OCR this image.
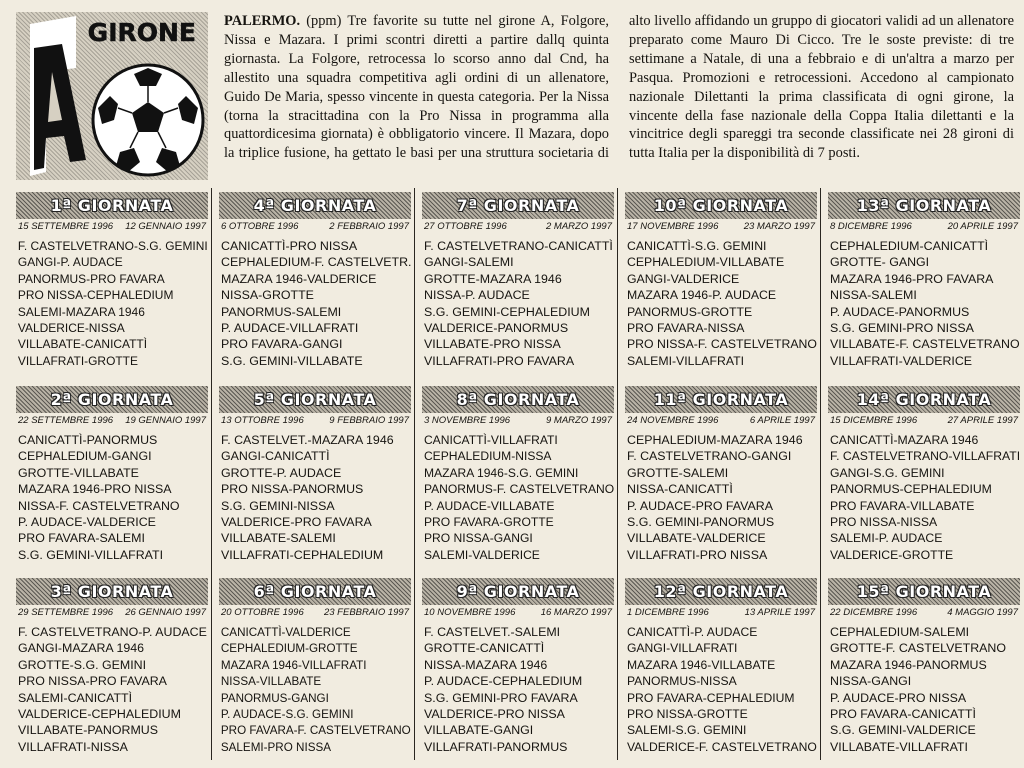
GIRONE PALERMO. (ppm) Tre favorite su tutte nel girone A, Folgore, Nissa e Mazara. I primi scontri diretti a partire dallq quinta giornasta. La Folgore, retrocessa lo scorso anno dal Cnd, ha allestito una squadra competitiva agli ordini di un allenatore, Guido De Maria, spesso vincente in questa categoria. Per la Nissa (torna la stracittadina con la Pro Nissa in programma alla quattordicesima giornata) è obbligatorio vincere. Il Mazara, dopo la triplice fusione, ha gettato le basi per una struttura societaria di alto livello affidando un gruppo di giocatori validi ad un allenatore preparato come Mauro Di Cicco. Tre le soste previste: di tre settimane a Natale, di una a febbraio e di un'altra a marzo per Pasqua. Promozioni e retrocessioni. Accedono al campionato nazionale Dilettanti la prima classificata di ogni girone, la vincente della fase nazionale della Coppa Italia dilettanti e la vincitrice degli spareggi tra seconde classificate nei 28 gironi di tutta Italia per la disponibilità di 7 posti.

1ª GIORNATA
15 SETTEMBRE 1996 12 GENNAIO 1997
F. CASTELVETRANO-S.G. GEMINI
GANGI-P. AUDACE
PANORMUS-PRO FAVARA
PRO NISSA-CEPHALEDIUM
SALEMI-MAZARA 1946
VALDERICE-NISSA
VILLABATE-CANICATTÌ
VILLAFRATI-GROTTE
2ª GIORNATA
22 SETTEMBRE 1996 19 GENNAIO 1997
CANICATTÌ-PANORMUS
CEPHALEDIUM-GANGI
GROTTE-VILLABATE
MAZARA 1946-PRO NISSA
NISSA-F. CASTELVETRANO
P. AUDACE-VALDERICE
PRO FAVARA-SALEMI
S.G. GEMINI-VILLAFRATI
3ª GIORNATA
29 SETTEMBRE 1996 26 GENNAIO 1997
F. CASTELVETRANO-P. AUDACE
GANGI-MAZARA 1946
GROTTE-S.G. GEMINI
PRO NISSA-PRO FAVARA
SALEMI-CANICATTÌ
VALDERICE-CEPHALEDIUM
VILLABATE-PANORMUS
VILLAFRATI-NISSA
4ª GIORNATA
6 OTTOBRE 1996	2 FEBBRAIO 1997
CANICATTÌ-PRO NISSA
CEPHALEDIUM-F. CASTELVETR.
MAZARA 1946-VALDERICE
NISSA-GROTTE
PANORMUS-SALEMI
P. AUDACE-VILLAFRATI
PRO FAVARA-GANGI
S.G. GEMINI-VILLABATE
5ª GIORNATA
13 OTTOBRE 1996	9 FEBBRAIO 1997
F. CASTELVET.-MAZARA 1946
GANGI-CANICATTÌ
GROTTE-P. AUDACE
PRO NISSA-PANORMUS
S.G. GEMINI-NISSA
VALDERICE-PRO FAVARA
VILLABATE-SALEMI
VILLAFRATI-CEPHALEDIUM
6ª GIORNATA
20 OTTOBRE 1996 23 FEBBRAIO 1997
CANICATTÌ-VALDERICE
CEPHALEDIUM-GROTTE
MAZARA 1946-VILLAFRATI
NISSA-VILLABATE
PANORMUS-GANGI
P. AUDACE-S.G. GEMINI
PRO FAVARA-F. CASTELVETRANO
SALEMI-PRO NISSA
7ª GIORNATA
27 OTTOBRE 1996	2 MARZO 1997
F. CASTELVETRANO-CANICATTÌ
GANGI-SALEMI
GROTTE-MAZARA 1946
NISSA-P. AUDACE
S.G. GEMINI-CEPHALEDIUM
VALDERICE-PANORMUS
VILLABATE-PRO NISSA
VILLAFRATI-PRO FAVARA
8ª GIORNATA
3 NOVEMBRE 1996	9 MARZO 1997
CANICATTÌ-VILLAFRATI
CEPHALEDIUM-NISSA
MAZARA 1946-S.G. GEMINI
PANORMUS-F. CASTELVETRANO
P. AUDACE-VILLABATE
PRO FAVARA-GROTTE
PRO NISSA-GANGI
SALEMI-VALDERICE
9ª GIORNATA
10 NOVEMBRE 1996	16 MARZO 1997
F. CASTELVET.-SALEMI
GROTTE-CANICATTÌ
NISSA-MAZARA 1946
P. AUDACE-CEPHALEDIUM
S.G. GEMINI-PRO FAVARA
VALDERICE-PRO NISSA
VILLABATE-GANGI
VILLAFRATI-PANORMUS
10ª GIORNATA
17 NOVEMBRE 1996	23 MARZO 1997
CANICATTÌ-S.G. GEMINI
CEPHALEDIUM-VILLABATE
GANGI-VALDERICE
MAZARA 1946-P. AUDACE
PANORMUS-GROTTE
PRO FAVARA-NISSA
PRO NISSA-F. CASTELVETRANO
SALEMI-VILLAFRATI
11ª GIORNATA
24 NOVEMBRE 1996	6 APRILE 1997
CEPHALEDIUM-MAZARA 1946
F. CASTELVETRANO-GANGI
GROTTE-SALEMI
NISSA-CANICATTÌ
P. AUDACE-PRO FAVARA
S.G. GEMINI-PANORMUS
VILLABATE-VALDERICE
VILLAFRATI-PRO NISSA
12ª GIORNATA
1 DICEMBRE 1996	13 APRILE 1997
CANICATTÌ-P. AUDACE
GANGI-VILLAFRATI
MAZARA 1946-VILLABATE
PANORMUS-NISSA
PRO FAVARA-CEPHALEDIUM
PRO NISSA-GROTTE
SALEMI-S.G. GEMINI
VALDERICE-F. CASTELVETRANO
13ª GIORNATA
8 DICEMBRE 1996	20 APRILE 1997
CEPHALEDIUM-CANICATTÌ
GROTTE- GANGI
MAZARA 1946-PRO FAVARA
NISSA-SALEMI
P. AUDACE-PANORMUS
S.G. GEMINI-PRO NISSA
VILLABATE-F. CASTELVETRANO
VILLAFRATI-VALDERICE
14ª GIORNATA
15 DICEMBRE 1996	27 APRILE 1997
CANICATTÌ-MAZARA 1946
F. CASTELVETRANO-VILLAFRATI
GANGI-S.G. GEMINI
PANORMUS-CEPHALEDIUM
PRO FAVARA-VILLABATE
PRO NISSA-NISSA
SALEMI-P. AUDACE
VALDERICE-GROTTE
15ª GIORNATA
22 DICEMBRE 1996	4 MAGGIO 1997
CEPHALEDIUM-SALEMI
GROTTE-F. CASTELVETRANO
MAZARA 1946-PANORMUS
NISSA-GANGI
P. AUDACE-PRO NISSA
PRO FAVARA-CANICATTÌ
S.G. GEMINI-VALDERICE
VILLABATE-VILLAFRATI
